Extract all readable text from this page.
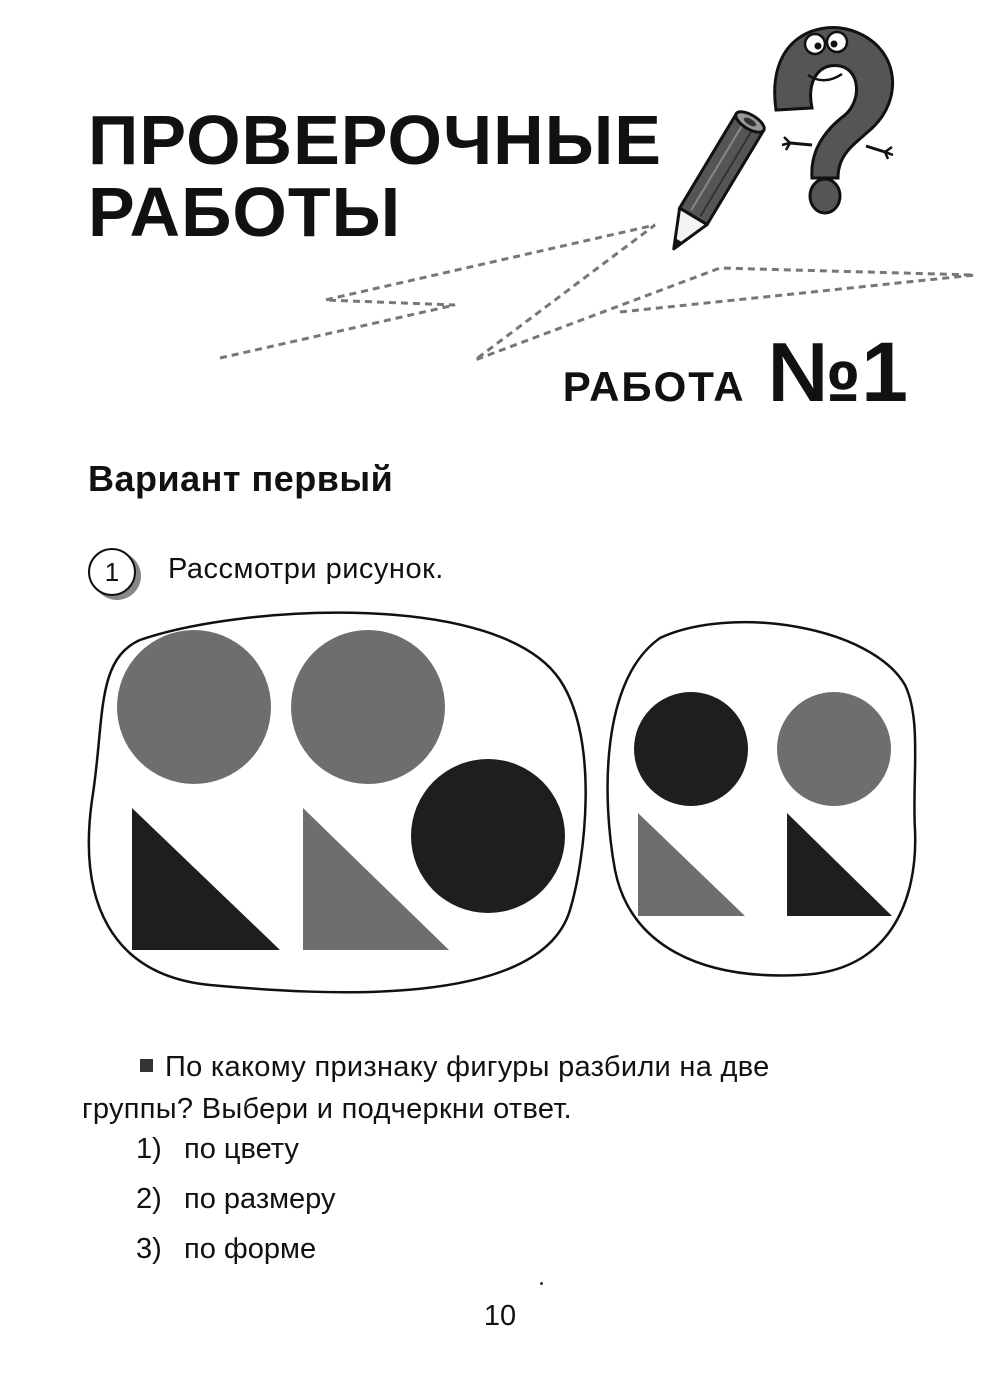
ПРОВЕРОЧНЫЕ
РАБОТЫ
РАБОТА №1
Вариант первый
1 Рассмотри рисунок.
По какому признаку фигуры разбили на две
группы? Выбери и подчеркни ответ.
1) по цвету
2) по размеру
3) по форме
10
